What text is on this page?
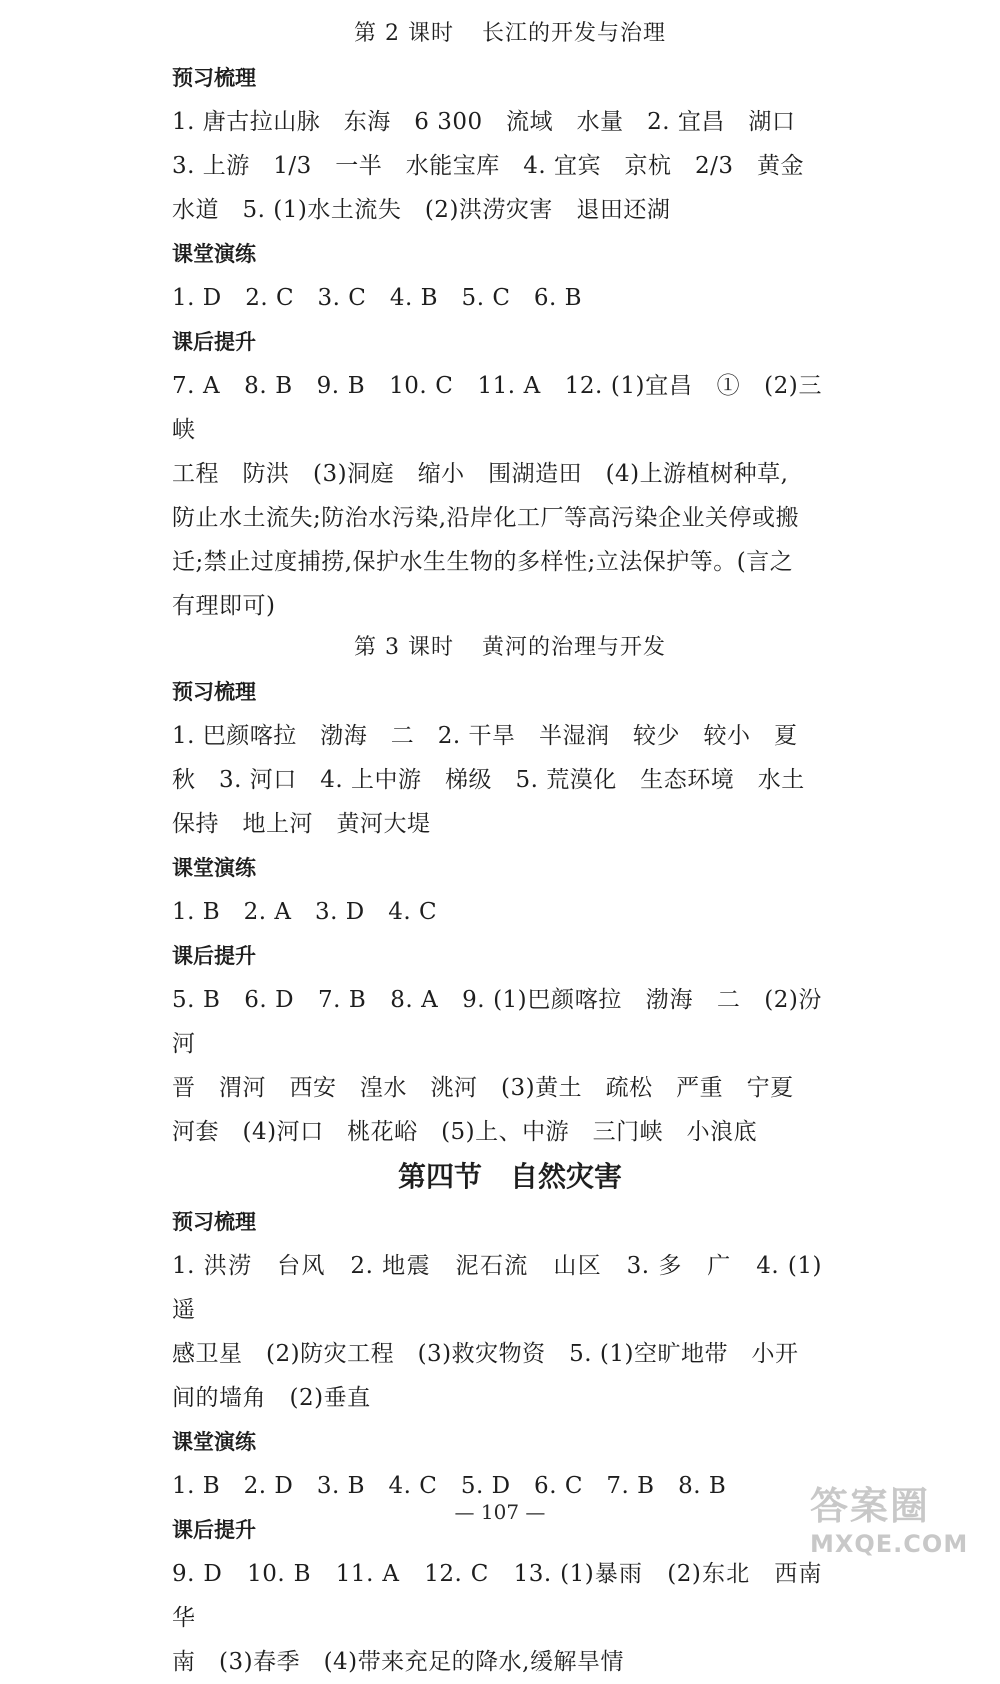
第 2 课时 长江的开发与治理
预习梳理
1. 唐古拉山脉　东海　6 300　流域　水量　2. 宜昌　湖口
3. 上游　1/3　一半　水能宝库　4. 宜宾　京杭　2/3　黄金
水道　5. (1)水土流失　(2)洪涝灾害　退田还湖
课堂演练
1. D　2. C　3. C　4. B　5. C　6. B
课后提升
7. A　8. B　9. B　10. C　11. A　12. (1)宜昌　①　(2)三峡
工程　防洪　(3)洞庭　缩小　围湖造田　(4)上游植树种草,
防止水土流失;防治水污染,沿岸化工厂等高污染企业关停或搬
迁;禁止过度捕捞,保护水生生物的多样性;立法保护等。(言之
有理即可)
第 3 课时 黄河的治理与开发
预习梳理
1. 巴颜喀拉　渤海　二　2. 干旱　半湿润　较少　较小　夏
秋　3. 河口　4. 上中游　梯级　5. 荒漠化　生态环境　水土
保持　地上河　黄河大堤
课堂演练
1. B　2. A　3. D　4. C
课后提升
5. B　6. D　7. B　8. A　9. (1)巴颜喀拉　渤海　二　(2)汾河
晋　渭河　西安　湟水　洮河　(3)黄土　疏松　严重　宁夏
河套　(4)河口　桃花峪　(5)上、中游　三门峡　小浪底
第四节 自然灾害
预习梳理
1. 洪涝　台风　2. 地震　泥石流　山区　3. 多　广　4. (1)遥
感卫星　(2)防灾工程　(3)救灾物资　5. (1)空旷地带　小开
间的墙角　(2)垂直
课堂演练
1. B　2. D　3. B　4. C　5. D　6. C　7. B　8. B
课后提升
9. D　10. B　11. A　12. C　13. (1)暴雨　(2)东北　西南　华
南　(3)春季　(4)带来充足的降水,缓解旱情
— 107 —	答案圈
MXQE.COM
